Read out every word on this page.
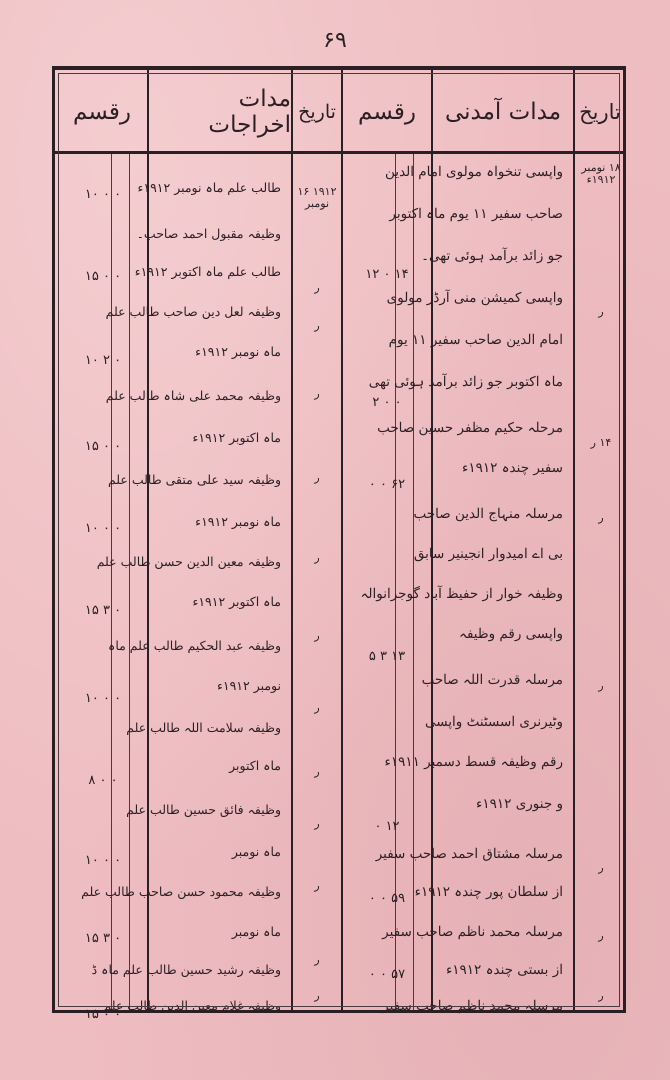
۶۹
تاریخ
مدات آمدنی
رقسم
تاریخ
مدات اخراجات
رقسم
۱۸ نومبر ۱۹۱۲ء
۱۴ ر
ر
ر
ر
ر
ر
ر
واپسی تنخواہ مولوی امام الدین
صاحب سفیر ۱۱ یوم ماہ اکتوبر
جو زائد برآمد ہوئی تھی۔
واپسی کمیشن منی آرڈر مولوی
امام الدین صاحب سفیر ۱۱ یوم
ماہ اکتوبر جو زائد برآمد ہوئی تھی
مرحلہ حکیم مظفر حسین صاحب
سفیر چندہ ۱۹۱۲ء
مرسلہ منہاج الدین صاحب
بی اے امیدوار انجینیر سابق
وظیفہ خوار از حفیظ آباد گوجرانوالہ
واپسی رقم وظیفہ
مرسلہ قدرت اللہ صاحب
وٹیرنری اسسٹنٹ واپسی
رقم وظیفہ قسط دسمبر ۱۹۱۱ء
و جنوری ۱۹۱۲ء
مرسلہ مشتاق احمد صاحب سفیر
از سلطان پور چندہ ۱۹۱۲ء
مرسلہ محمد ناظم صاحب سفیر
از بستی چندہ ۱۹۱۲ء
مرسلہ محمد ناظم صاحب سفیر
۱۲ ۰ ۱۴
۲ ۰ ۰
۰ ۰ ۶۲
۵ ۳ ۱۳
۰ ۱۲
۰ ۰ ۵۹
۰ ۰ ۵۷
۱۹۱۲ ۱۶ نومبر
ر
ر
ر
ر
ر
ر
ر
ر
ر
ر
ر
ر
طالب علم ماہ نومبر ۱۹۱۲ء
وظیفہ مقبول احمد صاحب۔
طالب علم ماہ اکتوبر ۱۹۱۲ء
وظیفہ لعل دین صاحب طالب علم
ماہ نومبر ۱۹۱۲ء
وظیفہ محمد علی شاہ طالب علم
ماہ اکتوبر ۱۹۱۲ء
وظیفہ سید علی متقی طالب علم
ماہ نومبر ۱۹۱۲ء
وظیفہ معین الدین حسن طالب علم
ماہ اکتوبر ۱۹۱۲ء
وظیفہ عبد الحکیم طالب علم ماہ
نومبر ۱۹۱۲ء
وظیفہ سلامت اللہ طالب علم
ماہ اکتوبر
وظیفہ فائق حسین طالب علم
ماہ نومبر
وظیفہ محمود حسن صاحب طالب علم
ماہ نومبر
وظیفہ رشید حسین طالب علم ماہ ڈ
وظیفہ غلام معین الدین طالب علم
۱۰ ۰ ۰
۱۵ ۰ ۰
۱۰ ۲ ۰
۱۵ ۰ ۰
۱۰ ۰ ۰
۱۵ ۳ ۰
۱۰ ۰ ۰
۸ ۰ ۰
۱۰ ۰ ۰
۱۵ ۳ ۰
۱۵ ۰ ۰
